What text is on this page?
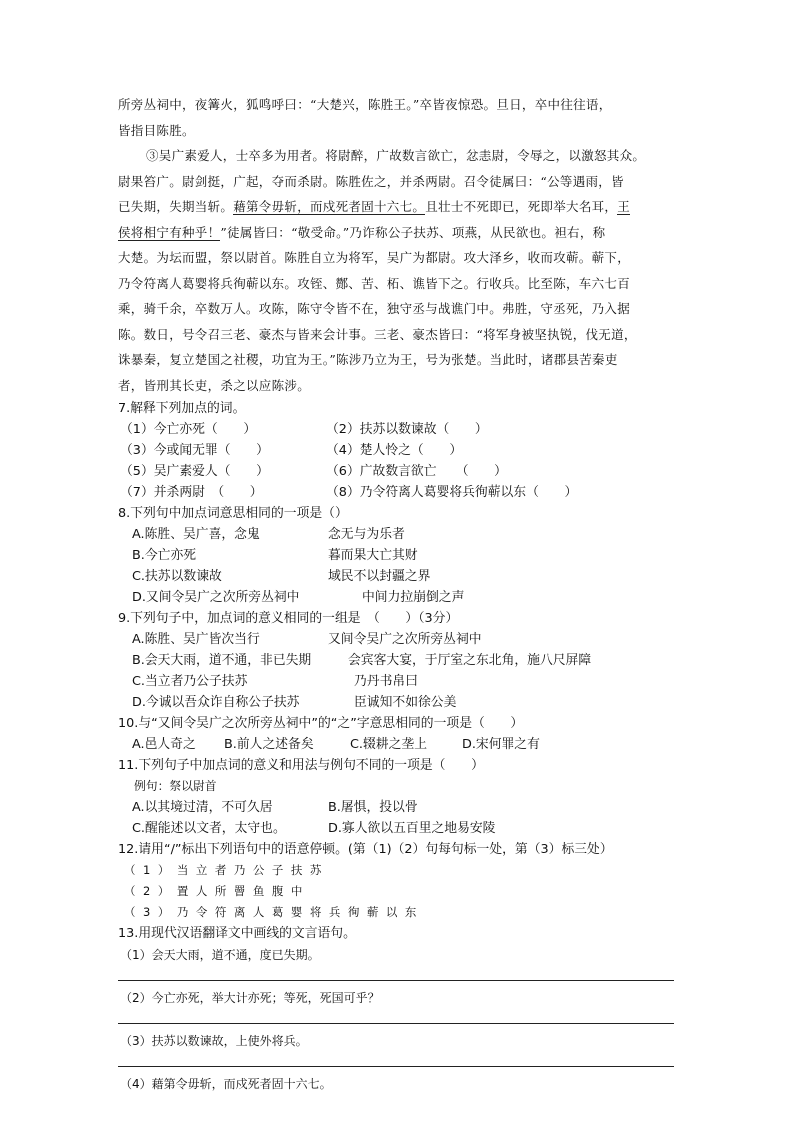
所旁丛祠中，夜篝火，狐鸣呼曰：“大楚兴，陈胜王。”卒皆夜惊恐。旦日，卒中往往语，
皆指目陈胜。
③吴广素爱人，士卒多为用者。将尉醉，广故数言欲亡，忿恚尉，令辱之，以激怒其众。
尉果笞广。尉剑挺，广起，夺而杀尉。陈胜佐之，并杀两尉。召令徒属曰：“公等遇雨，皆
已失期，失期当斩。藉第令毋斩，而戍死者固十六七。且壮士不死即已，死即举大名耳，王
侯将相宁有种乎！”徒属皆曰：“敬受命。”乃诈称公子扶苏、项燕，从民欲也。袒右，称
大楚。为坛而盟，祭以尉首。陈胜自立为将军，吴广为都尉。攻大泽乡，收而攻蕲。蕲下，
乃令符离人葛婴将兵徇蕲以东。攻铚、酂、苦、柘、谯皆下之。行收兵。比至陈，车六七百
乘，骑千余，卒数万人。攻陈，陈守令皆不在，独守丞与战谯门中。弗胜，守丞死，乃入据
陈。数日，号令召三老、豪杰与皆来会计事。三老、豪杰皆曰：“将军身被坚执锐，伐无道，
诛暴秦，复立楚国之社稷，功宜为王。”陈涉乃立为王，号为张楚。当此时，诸郡县苦秦吏
者，皆刑其长吏，杀之以应陈涉。
7.解释下列加点的词。
（1）今亡亦死（　　）	（2）扶苏以数谏故（　　）
（3）今或闻无罪（　　）	（4）楚人怜之（　　）
（5）吴广素爱人（　　）	（6）广故数言欲亡　　（　　）
（7）并杀两尉　（　　）	（8）乃令符离人葛婴将兵徇蕲以东（　　）
8.下列句中加点词意思相同的一项是（）
A.陈胜、吴广喜，念鬼	念无与为乐者
B.今亡亦死	暮而果大亡其财
C.扶苏以数谏故	域民不以封疆之界
D.又间令吴广之次所旁丛祠中	中间力拉崩倒之声
9.下列句子中，加点词的意义相同的一组是　（　　）（3分）
A.陈胜、吴广皆次当行	又间令吴广之次所旁丛祠中
B.会天大雨，道不通，非已失期	会宾客大宴，于厅室之东北角，施八尺屏障
C.当立者乃公子扶苏	乃丹书帛曰
D.今诚以吾众诈自称公子扶苏	臣诚知不如徐公美
10.与“又间令吴广之次所旁丛祠中”的“之”字意思相同的一项是（　　）
A.邑人奇之	B.前人之述备矣	C.辍耕之垄上	D.宋何罪之有
11.下列句子中加点词的意义和用法与例句不同的一项是（　　）
例句：祭以尉首
A.以其境过清，不可久居	B.屠惧，投以骨
C.醒能述以文者，太守也。	D.寡人欲以五百里之地易安陵
12.请用“/”标出下列语句中的语意停顿。(第（1)（2）句每句标一处，第（3）标三处）
（1）当立者乃公子扶苏
（2）置人所罾鱼腹中
（3）乃令符离人葛婴将兵徇蕲以东
13.用现代汉语翻译文中画线的文言语句。
（1）会天大雨，道不通，度已失期。
（2）今亡亦死，举大计亦死；等死，死国可乎？
（3）扶苏以数谏故，上使外将兵。
（4）藉第令毋斩，而戍死者固十六七。
